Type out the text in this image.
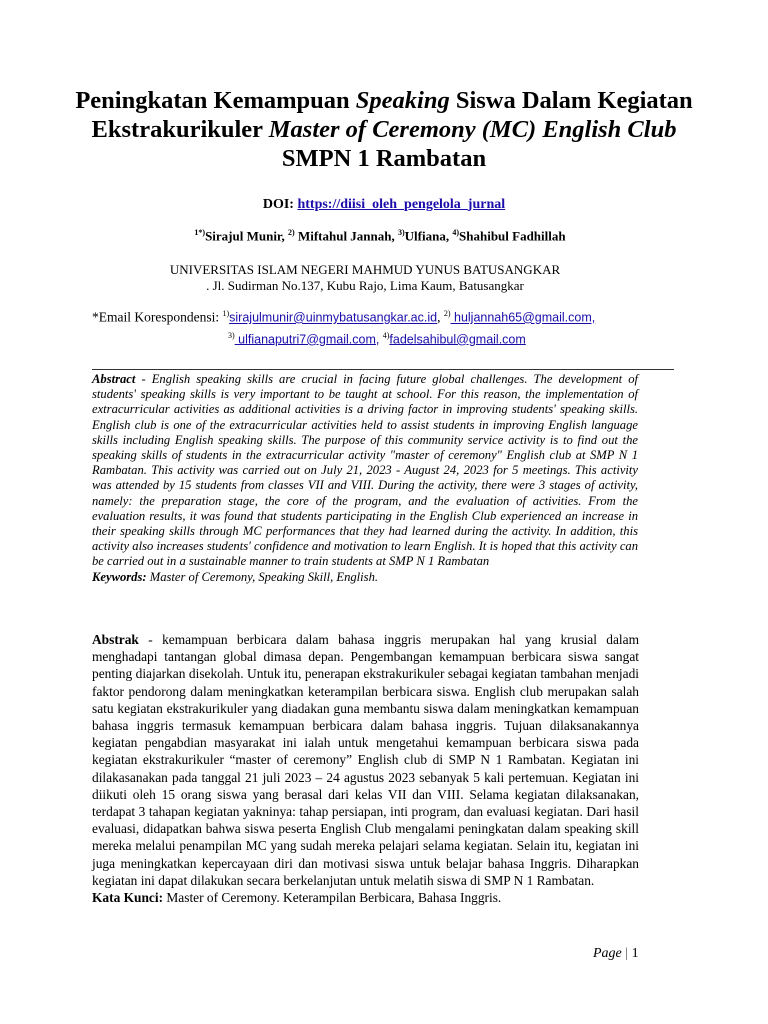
Peningkatan Kemampuan Speaking Siswa Dalam Kegiatan Ekstrakurikuler Master of Ceremony (MC) English Club SMPN 1 Rambatan
DOI: https://diisi_oleh_pengelola_jurnal
$^{1*)}$Sirajul Munir, $^{2)}$ Miftahul Jannah, $^{3)}$Ulfiana, $^{4)}$Shahibul Fadhillah
UNIVERSITAS ISLAM NEGERI MAHMUD YUNUS BATUSANGKAR
. Jl. Sudirman No.137, Kubu Rajo, Lima Kaum, Batusangkar
*Email Korespondensi: $^{1)}$sirajulmunir@uinmybatusangkar.ac.id, $^{2)}$ huljannah65@gmail.com,
$^{3)}$ ulfianaputri7@gmail.com, $^{4)}$fadelsahibul@gmail.com
Abstract - English speaking skills are crucial in facing future global challenges. The development of students' speaking skills is very important to be taught at school. For this reason, the implementation of extracurricular activities as additional activities is a driving factor in improving students' speaking skills. English club is one of the extracurricular activities held to assist students in improving English language skills including English speaking skills. The purpose of this community service activity is to find out the speaking skills of students in the extracurricular activity "master of ceremony" English club at SMP N 1 Rambatan. This activity was carried out on July 21, 2023 - August 24, 2023 for 5 meetings. This activity was attended by 15 students from classes VII and VIII. During the activity, there were 3 stages of activity, namely: the preparation stage, the core of the program, and the evaluation of activities. From the evaluation results, it was found that students participating in the English Club experienced an increase in their speaking skills through MC performances that they had learned during the activity. In addition, this activity also increases students' confidence and motivation to learn English. It is hoped that this activity can be carried out in a sustainable manner to train students at SMP N 1 Rambatan
Keywords: Master of Ceremony, Speaking Skill, English.
Abstrak - kemampuan berbicara dalam bahasa inggris merupakan hal yang krusial dalam menghadapi tantangan global dimasa depan. Pengembangan kemampuan berbicara siswa sangat penting diajarkan disekolah. Untuk itu, penerapan ekstrakurikuler sebagai kegiatan tambahan menjadi faktor pendorong dalam meningkatkan keterampilan berbicara siswa. English club merupakan salah satu kegiatan ekstrakurikuler yang diadakan guna membantu siswa dalam meningkatkan kemampuan bahasa inggris termasuk kemampuan berbicara dalam bahasa inggris. Tujuan dilaksanakannya kegiatan pengabdian masyarakat ini ialah untuk mengetahui kemampuan berbicara siswa pada kegiatan ekstrakurikuler “master of ceremony” English club di SMP N 1 Rambatan. Kegiatan ini dilakasanakan pada tanggal 21 juli 2023 – 24 agustus 2023 sebanyak 5 kali pertemuan. Kegiatan ini diikuti oleh 15 orang siswa yang berasal dari kelas VII dan VIII. Selama kegiatan dilaksanakan, terdapat 3 tahapan kegiatan yakninya: tahap persiapan, inti program, dan evaluasi kegiatan. Dari hasil evaluasi, didapatkan bahwa siswa peserta English Club mengalami peningkatan dalam speaking skill mereka melalui penampilan MC yang sudah mereka pelajari selama kegiatan. Selain itu, kegiatan ini juga meningkatkan kepercayaan diri dan motivasi siswa untuk belajar bahasa Inggris. Diharapkan kegiatan ini dapat dilakukan secara berkelanjutan untuk melatih siswa di SMP N 1 Rambatan.
Kata Kunci: Master of Ceremony. Keterampilan Berbicara, Bahasa Inggris.
Page | 1
